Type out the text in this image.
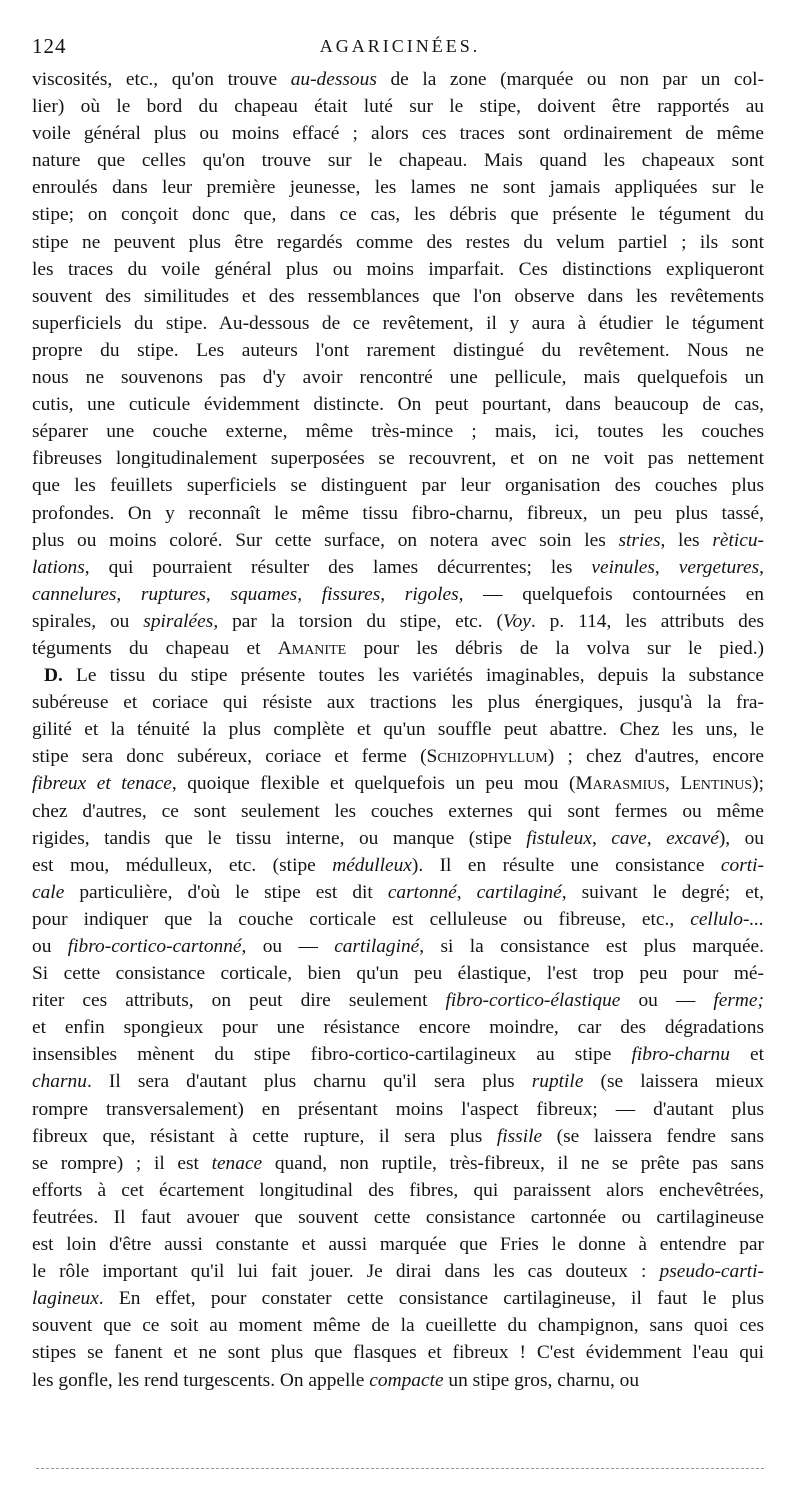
124	AGARICINÉES.
viscosités, etc., qu'on trouve au-dessous de la zone (marquée ou non par un col-
lier) où le bord du chapeau était luté sur le stipe, doivent être rapportés au
voile général plus ou moins effacé ; alors ces traces sont ordinairement de même
nature que celles qu'on trouve sur le chapeau. Mais quand les chapeaux sont
enroulés dans leur première jeunesse, les lames ne sont jamais appliquées sur le
stipe; on conçoit donc que, dans ce cas, les débris que présente le tégument du
stipe ne peuvent plus être regardés comme des restes du velum partiel ; ils sont
les traces du voile général plus ou moins imparfait. Ces distinctions expliqueront
souvent des similitudes et des ressemblances que l'on observe dans les revêtements
superficiels du stipe. Au-dessous de ce revêtement, il y aura à étudier le tégument
propre du stipe. Les auteurs l'ont rarement distingué du revêtement. Nous ne
nous ne souvenons pas d'y avoir rencontré une pellicule, mais quelquefois un
cutis, une cuticule évidemment distincte. On peut pourtant, dans beaucoup de cas,
séparer une couche externe, même très-mince ; mais, ici, toutes les couches
fibreuses longitudinalement superposées se recouvrent, et on ne voit pas nettement
que les feuillets superficiels se distinguent par leur organisation des couches plus
profondes. On y reconnaît le même tissu fibro-charnu, fibreux, un peu plus tassé,
plus ou moins coloré. Sur cette surface, on notera avec soin les stries, les rèticu-
lations, qui pourraient résulter des lames décurrentes; les veinules, vergetures,
cannelures, ruptures, squames, fissures, rigoles, — quelquefois contournées en
spirales, ou spiralées, par la torsion du stipe, etc. (Voy. p. 114, les attributs des
téguments du chapeau et Amanite pour les débris de la volva sur le pied.)
D. Le tissu du stipe présente toutes les variétés imaginables, depuis la substance
subéreuse et coriace qui résiste aux tractions les plus énergiques, jusqu'à la fra-
gilité et la ténuité la plus complète et qu'un souffle peut abattre. Chez les uns, le
stipe sera donc subéreux, coriace et ferme (Schizophyllum) ; chez d'autres, encore
fibreux et tenace, quoique flexible et quelquefois un peu mou (Marasmius, Lentinus);
chez d'autres, ce sont seulement les couches externes qui sont fermes ou même
rigides, tandis que le tissu interne, ou manque (stipe fistuleux, cave, excavé), ou
est mou, médulleux, etc. (stipe médulleux). Il en résulte une consistance corti-
cale particulière, d'où le stipe est dit cartonné, cartilaginé, suivant le degré; et,
pour indiquer que la couche corticale est celluleuse ou fibreuse, etc., cellulo-...
ou fibro-cortico-cartonné, ou — cartilaginé, si la consistance est plus marquée.
Si cette consistance corticale, bien qu'un peu élastique, l'est trop peu pour mé-
riter ces attributs, on peut dire seulement fibro-cortico-élastique ou — ferme;
et enfin spongieux pour une résistance encore moindre, car des dégradations
insensibles mènent du stipe fibro-cortico-cartilagineux au stipe fibro-charnu et
charnu. Il sera d'autant plus charnu qu'il sera plus ruptile (se laissera mieux
rompre transversalement) en présentant moins l'aspect fibreux; — d'autant plus
fibreux que, résistant à cette rupture, il sera plus fissile (se laissera fendre sans
se rompre) ; il est tenace quand, non ruptile, très-fibreux, il ne se prête pas sans
efforts à cet écartement longitudinal des fibres, qui paraissent alors enchevêtrées,
feutrées. Il faut avouer que souvent cette consistance cartonnée ou cartilagineuse
est loin d'être aussi constante et aussi marquée que Fries le donne à entendre par
le rôle important qu'il lui fait jouer. Je dirai dans les cas douteux : pseudo-carti-
lagineux. En effet, pour constater cette consistance cartilagineuse, il faut le plus
souvent que ce soit au moment même de la cueillette du champignon, sans quoi ces
stipes se fanent et ne sont plus que flasques et fibreux ! C'est évidemment l'eau qui
les gonfle, les rend turgescents. On appelle compacte un stipe gros, charnu, ou
